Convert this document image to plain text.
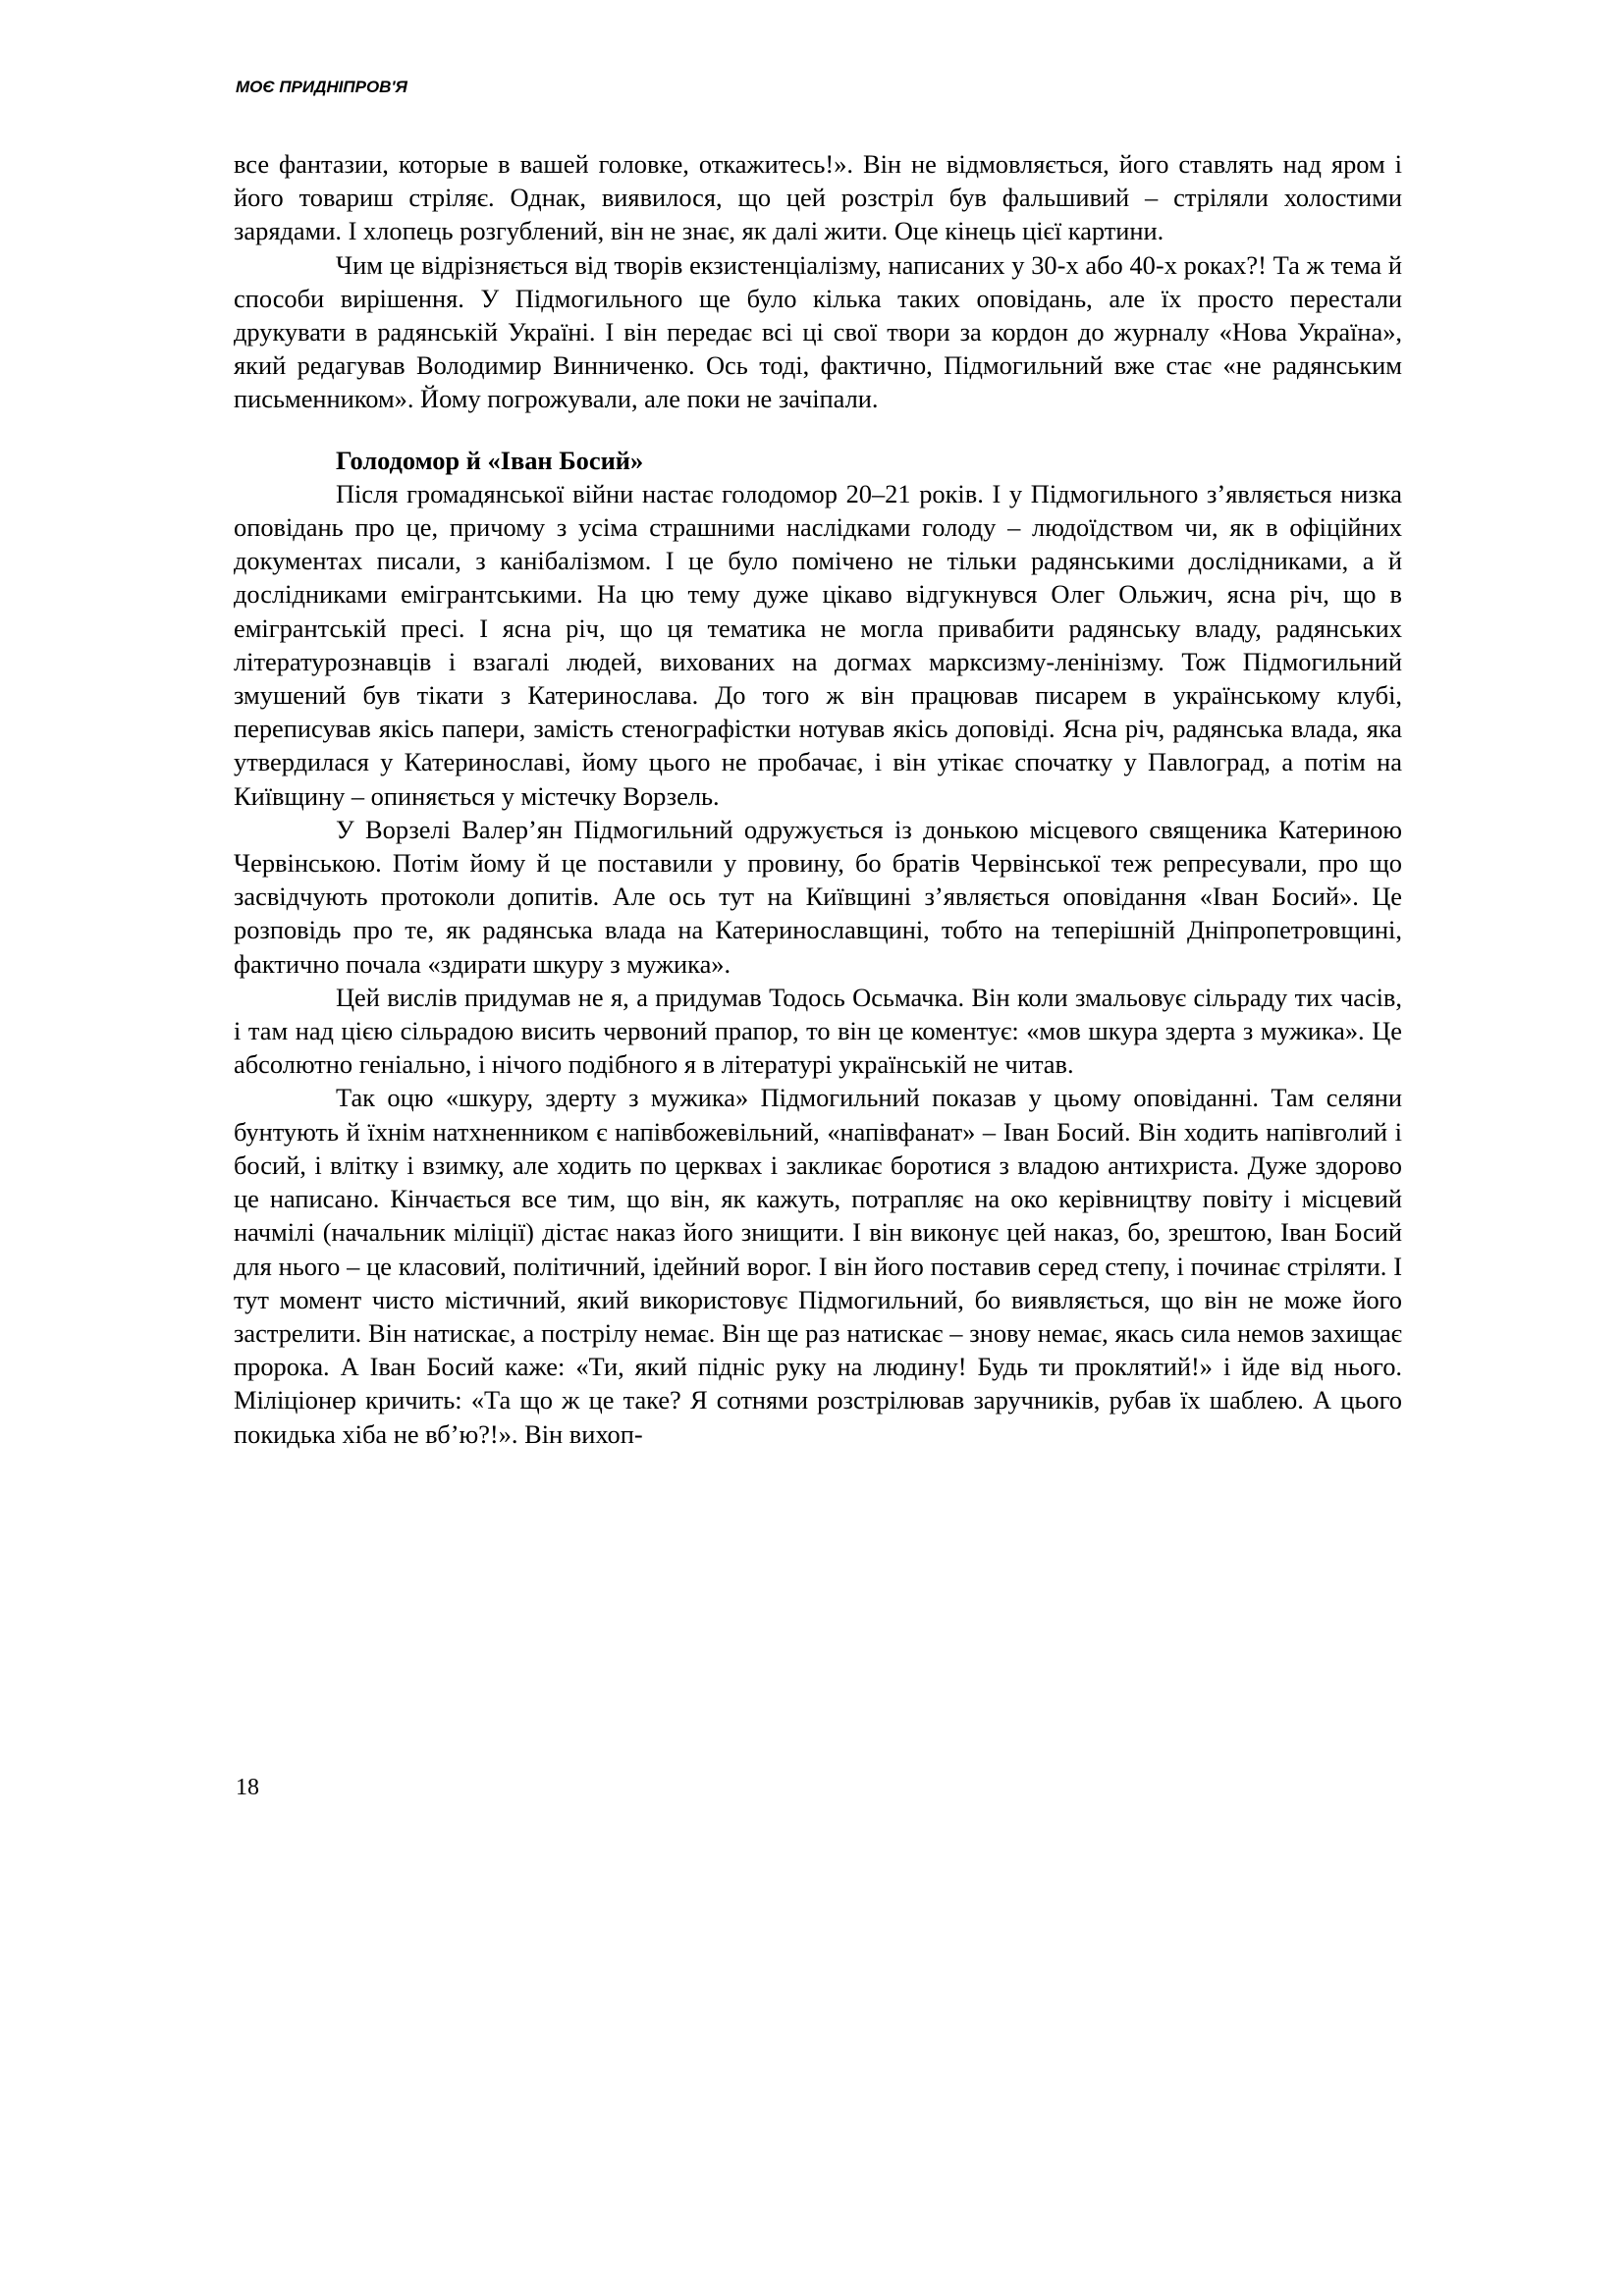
МОЄ ПРИДНІПРОВ'Я

все фантазии, которые в вашей головке, откажитесь!». Він не відмовляється, його ставлять над яром і його товариш стріляє. Однак, виявилося, що цей розстріл був фальшивий – стріляли холостими зарядами. І хлопець розгублений, він не знає, як далі жити. Оце кінець цієї картини.

Чим це відрізняється від творів екзистенціалізму, написаних у 30-х або 40-х роках?! Та ж тема й способи вирішення. У Підмогильного ще було кілька таких оповідань, але їх просто перестали друкувати в радянській Україні. І він передає всі ці свої твори за кордон до журналу «Нова Україна», який редагував Володимир Винниченко. Ось тоді, фактично, Підмогильний вже стає «не радянським письменником». Йому погрожували, але поки не зачіпали.

Голодомор й «Іван Босий»

Після громадянської війни настає голодомор 20–21 років. І у Підмогильного з’являється низка оповідань про це, причому з усіма страшними наслідками голоду – людоїдством чи, як в офіційних документах писали, з канібалізмом. І це було помічено не тільки радянськими дослідниками, а й дослідниками емігрантськими. На цю тему дуже цікаво відгукнувся Олег Ольжич, ясна річ, що в емігрантській пресі. І ясна річ, що ця тематика не могла привабити радянську владу, радянських літературознавців і взагалі людей, вихованих на догмах марксизму-ленінізму. Тож Підмогильний змушений був тікати з Катеринослава. До того ж він працював писарем в українському клубі, переписував якісь папери, замість стенографістки нотував якісь доповіді. Ясна річ, радянська влада, яка утвердилася у Катеринославі, йому цього не пробачає, і він утікає спочатку у Павлоград, а потім на Київщину – опиняється у містечку Ворзель.

У Ворзелі Валер’ян Підмогильний одружується із донькою місцевого священика Катериною Червінською. Потім йому й це поставили у провину, бо братів Червінської теж репресували, про що засвідчують протоколи допитів. Але ось тут на Київщині з’являється оповідання «Іван Босий». Це розповідь про те, як радянська влада на Катеринославщині, тобто на теперішній Дніпропетровщині, фактично почала «здирати шкуру з мужика».

Цей вислів придумав не я, а придумав Тодось Осьмачка. Він коли змальовує сільраду тих часів, і там над цією сільрадою висить червоний прапор, то він це коментує: «мов шкура здерта з мужика». Це абсолютно геніально, і нічого подібного я в літературі українській не читав.

Так оцю «шкуру, здерту з мужика» Підмогильний показав у цьому оповіданні. Там селяни бунтують й їхнім натхненником є напівбожевільний, «напівфанат» – Іван Босий. Він ходить напівголий і босий, і влітку і взимку, але ходить по церквах і закликає боротися з владою антихриста. Дуже здорово це написано. Кінчається все тим, що він, як кажуть, потрапляє на око керівництву повіту і місцевий начмілі (начальник міліції) дістає наказ його знищити. І він виконує цей наказ, бо, зрештою, Іван Босий для нього – це класовий, політичний, ідейний ворог. І він його поставив серед степу, і починає стріляти. І тут момент чисто містичний, який використовує Підмогильний, бо виявляється, що він не може його застрелити. Він натискає, а пострілу немає. Він ще раз натискає – знову немає, якась сила немов захищає пророка. А Іван Босий каже: «Ти, який підніс руку на людину! Будь ти проклятий!» і йде від нього. Міліціонер кричить: «Та що ж це таке? Я сотнями розстрілював заручників, рубав їх шаблею. А цього покидька хіба не вб’ю?!». Він вихоп-

18
